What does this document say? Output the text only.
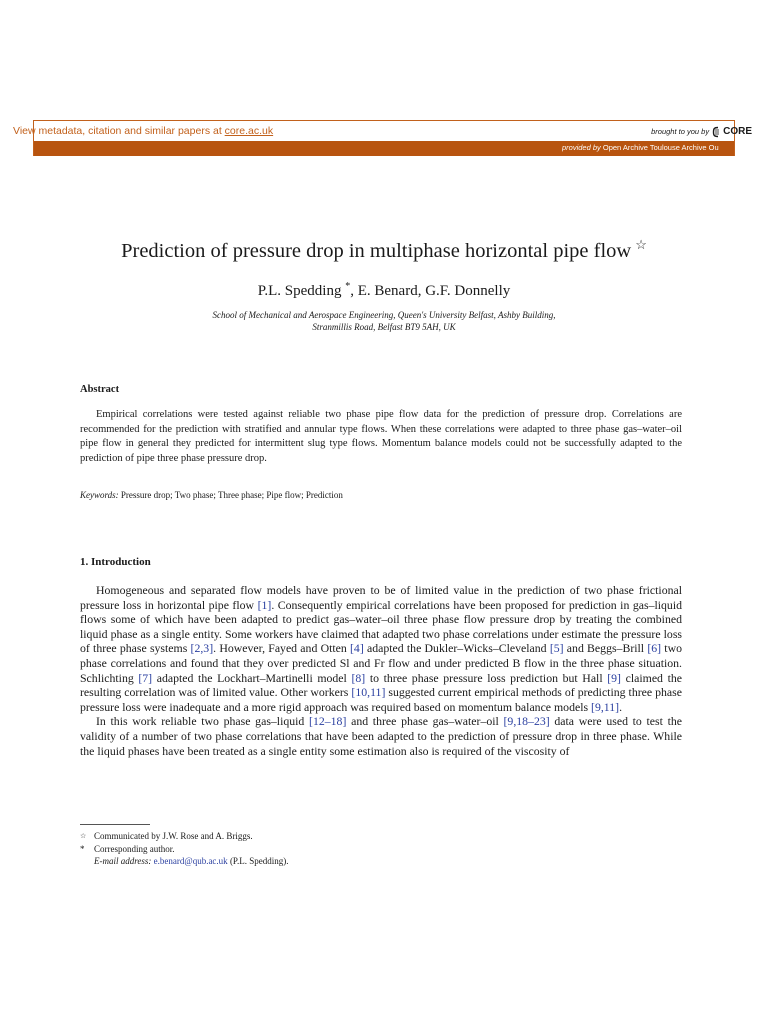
View metadata, citation and similar papers at core.ac.uk	brought to you by CORE
provided by Open Archive Toulouse Archive Ou
Prediction of pressure drop in multiphase horizontal pipe flow ☆
P.L. Spedding *, E. Benard, G.F. Donnelly
School of Mechanical and Aerospace Engineering, Queen's University Belfast, Ashby Building,
Stranmillis Road, Belfast BT9 5AH, UK
Abstract
Empirical correlations were tested against reliable two phase pipe flow data for the prediction of pressure drop. Correlations are recommended for the prediction with stratified and annular type flows. When these correlations were adapted to three phase gas–water–oil pipe flow in general they predicted for intermittent slug type flows. Momentum balance models could not be successfully adapted to the prediction of pipe three phase pressure drop.
Keywords: Pressure drop; Two phase; Three phase; Pipe flow; Prediction
1. Introduction

Homogeneous and separated flow models have proven to be of limited value in the prediction of two phase frictional pressure loss in horizontal pipe flow [1]. Consequently empirical correlations have been proposed for prediction in gas–liquid flows some of which have been adapted to predict gas–water–oil three phase flow pressure drop by treating the combined liquid phase as a single entity. Some workers have claimed that adapted two phase correlations under estimate the pressure loss of three phase systems [2,3]. However, Fayed and Otten [4] adapted the Dukler–Wicks–Cleveland [5] and Beggs–Brill [6] two phase correlations and found that they over predicted Sl and Fr flow and under predicted B flow in the three phase situation. Schlichting [7] adapted the Lockhart–Martinelli model [8] to three phase pressure loss prediction but Hall [9] claimed the resulting correlation was of limited value. Other workers [10,11] suggested current empirical methods of predicting three phase pressure loss were inadequate and a more rigid approach was required based on momentum balance models [9,11].

In this work reliable two phase gas–liquid [12–18] and three phase gas–water–oil [9,18–23] data were used to test the validity of a number of two phase correlations that have been adapted to the prediction of pressure drop in three phase. While the liquid phases have been treated as a single entity some estimation also is required of the viscosity of

☆ Communicated by J.W. Rose and A. Briggs.
* Corresponding author.
E-mail address: e.benard@qub.ac.uk (P.L. Spedding).
